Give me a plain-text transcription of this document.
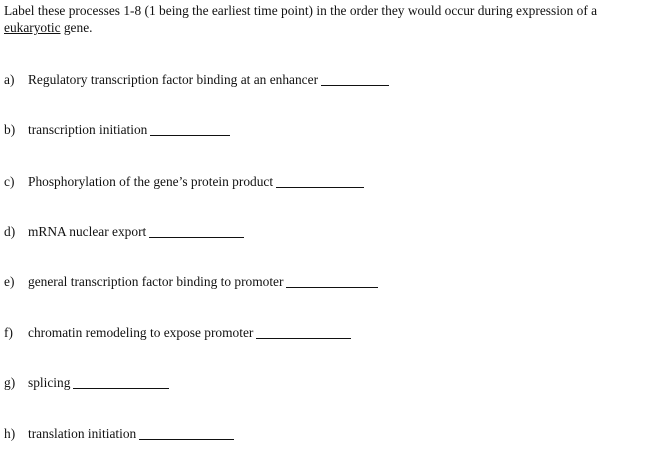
Label these processes 1-8 (1 being the earliest time point) in the order they would occur during expression of a
eukaryotic gene.

a)	Regulatory transcription factor binding at an enhancer
b) transcription initiation
c)	Phosphorylation of the gene’s protein product
d) mRNA nuclear export
e)	general transcription factor binding to promoter
f)	chromatin remodeling to expose promoter
g) splicing
h) translation initiation
